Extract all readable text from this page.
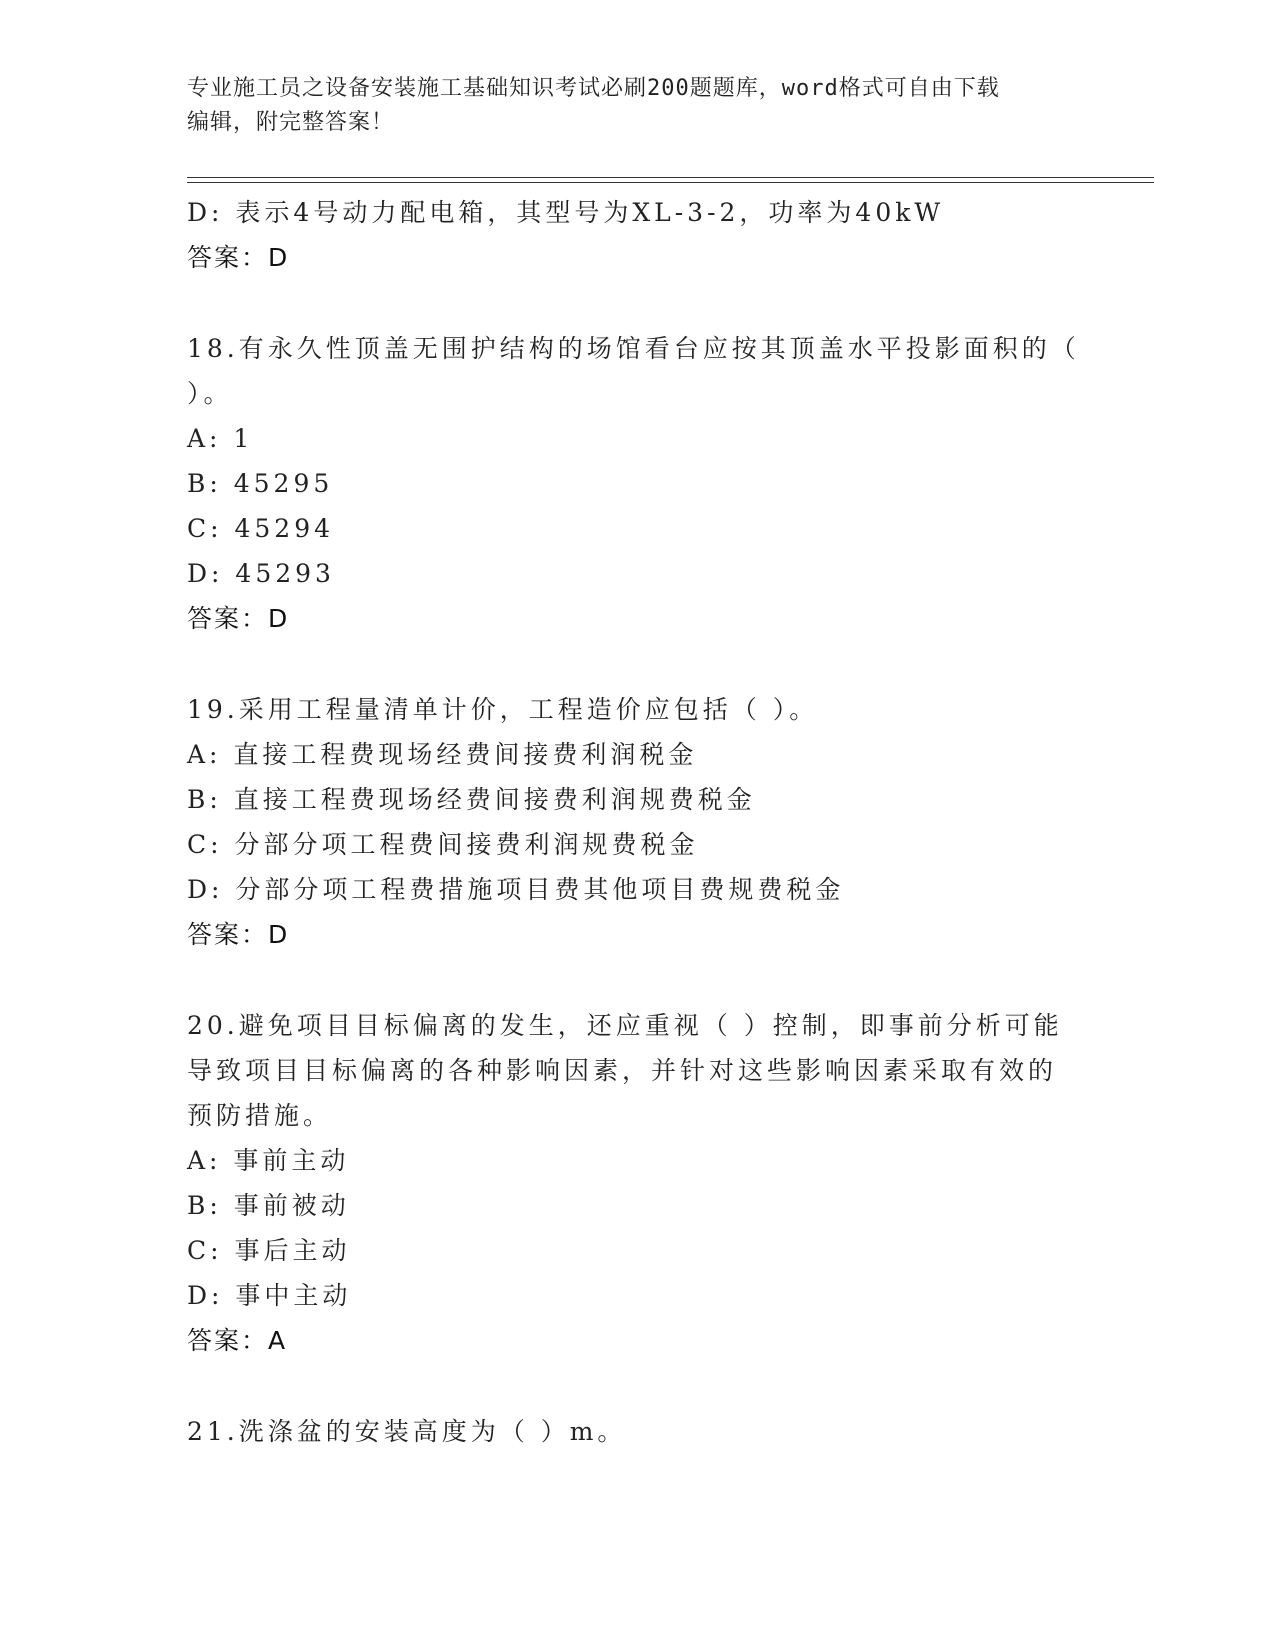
专业施工员之设备安装施工基础知识考试必刷200题题库，word格式可自由下载
编辑，附完整答案！

D: 表示4号动力配电箱，其型号为XL-3-2，功率为40kW

答案：D

18.有永久性顶盖无围护结构的场馆看台应按其顶盖水平投影面积的（

）。

A: 1

B: 45295

C: 45294

D: 45293

答案：D

19.采用工程量清单计价，工程造价应包括（ ）。

A: 直接工程费现场经费间接费利润税金

B: 直接工程费现场经费间接费利润规费税金

C: 分部分项工程费间接费利润规费税金

D: 分部分项工程费措施项目费其他项目费规费税金

答案：D

20.避免项目目标偏离的发生，还应重视（ ）控制，即事前分析可能

导致项目目标偏离的各种影响因素，并针对这些影响因素采取有效的

预防措施。

A: 事前主动

B: 事前被动

C: 事后主动

D: 事中主动

答案：A

21.洗涤盆的安装高度为（ ）m。
